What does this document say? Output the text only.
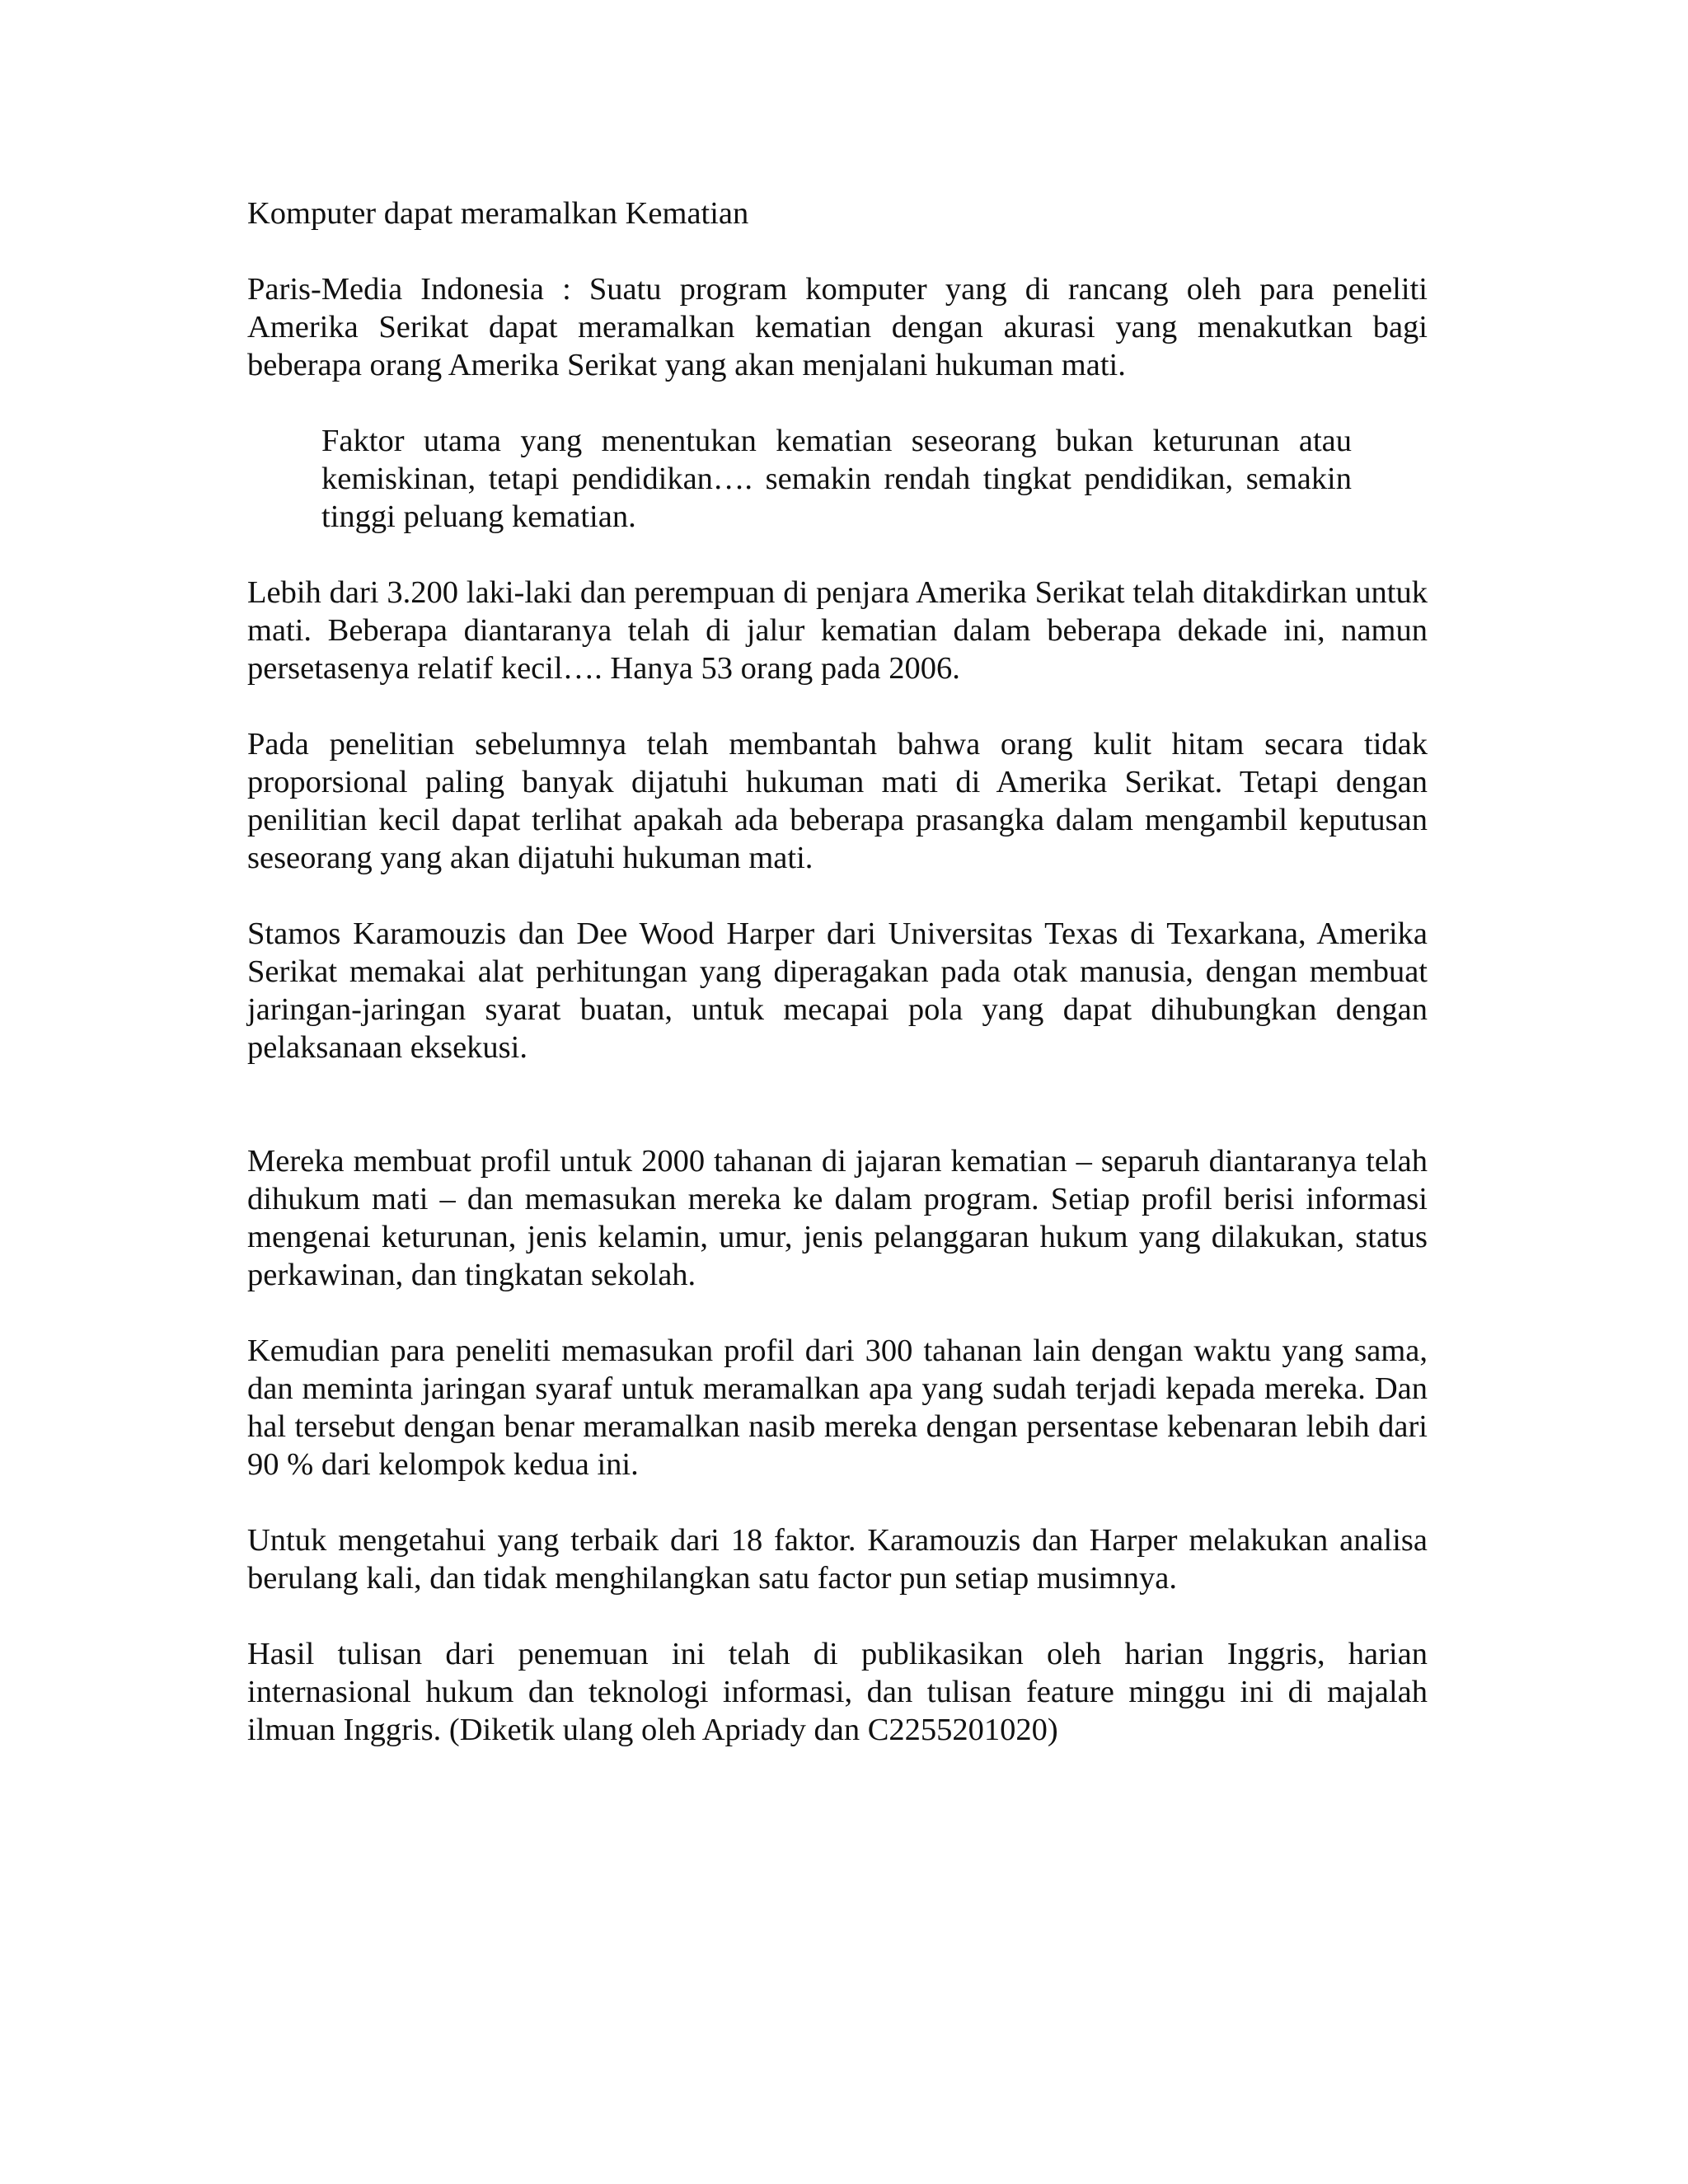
Komputer dapat meramalkan Kematian
Paris-Media Indonesia : Suatu program komputer yang di rancang oleh para peneliti Amerika Serikat dapat meramalkan kematian dengan akurasi yang menakutkan bagi beberapa orang Amerika Serikat yang akan menjalani hukuman mati.
Faktor utama yang menentukan kematian seseorang bukan keturunan atau kemiskinan, tetapi pendidikan…. semakin rendah tingkat pendidikan, semakin tinggi peluang kematian.
Lebih dari 3.200 laki-laki dan perempuan di penjara Amerika Serikat telah ditakdirkan untuk mati. Beberapa diantaranya telah di jalur kematian dalam beberapa dekade ini, namun persetasenya relatif kecil…. Hanya 53 orang pada 2006.
Pada penelitian sebelumnya telah membantah bahwa orang kulit hitam secara tidak proporsional paling banyak dijatuhi hukuman mati di Amerika Serikat. Tetapi dengan penilitian kecil dapat terlihat apakah ada beberapa prasangka dalam mengambil keputusan seseorang yang akan dijatuhi hukuman mati.
Stamos Karamouzis dan Dee Wood Harper dari Universitas Texas di Texarkana, Amerika Serikat memakai alat perhitungan yang diperagakan pada otak manusia, dengan membuat jaringan-jaringan syarat buatan, untuk mecapai pola yang dapat dihubungkan dengan pelaksanaan eksekusi.
Mereka membuat profil untuk 2000 tahanan di jajaran kematian – separuh diantaranya telah dihukum mati – dan memasukan mereka ke dalam program. Setiap profil berisi informasi mengenai keturunan, jenis kelamin, umur, jenis pelanggaran hukum yang dilakukan, status perkawinan, dan tingkatan sekolah.
Kemudian para peneliti memasukan profil dari 300 tahanan lain dengan waktu yang sama, dan meminta jaringan syaraf untuk meramalkan apa yang sudah terjadi kepada mereka. Dan hal tersebut dengan benar meramalkan nasib mereka dengan persentase kebenaran lebih dari 90 % dari kelompok kedua ini.
Untuk mengetahui yang terbaik dari 18 faktor. Karamouzis dan Harper melakukan analisa berulang kali, dan tidak menghilangkan satu factor pun setiap musimnya.
Hasil tulisan dari penemuan ini telah di publikasikan oleh harian Inggris, harian internasional hukum dan teknologi informasi, dan tulisan feature minggu ini di majalah ilmuan Inggris. (Diketik ulang oleh Apriady dan C2255201020)
